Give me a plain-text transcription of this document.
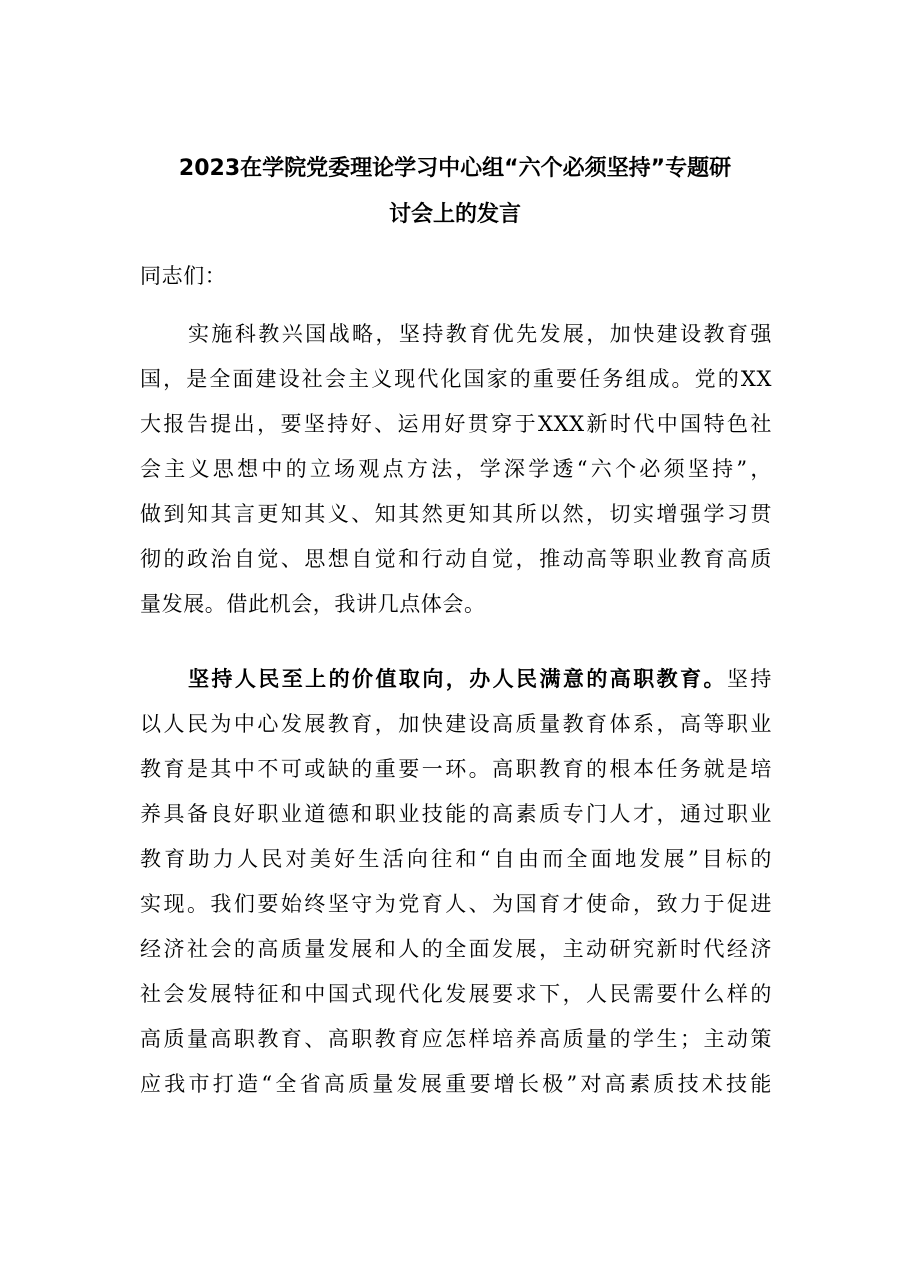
2023在学院党委理论学习中心组“六个必须坚持”专题研
讨会上的发言
同志们：
实施科教兴国战略，坚持教育优先发展，加快建设教育强
国，是全面建设社会主义现代化国家的重要任务组成。党的XX
大报告提出，要坚持好、运用好贯穿于XXX新时代中国特色社
会主义思想中的立场观点方法，学深学透“六个必须坚持”，
做到知其言更知其义、知其然更知其所以然，切实增强学习贯
彻的政治自觉、思想自觉和行动自觉，推动高等职业教育高质
量发展。借此机会，我讲几点体会。
坚持人民至上的价值取向，办人民满意的高职教育。坚持
以人民为中心发展教育，加快建设高质量教育体系，高等职业
教育是其中不可或缺的重要一环。高职教育的根本任务就是培
养具备良好职业道德和职业技能的高素质专门人才，通过职业
教育助力人民对美好生活向往和“自由而全面地发展”目标的
实现。我们要始终坚守为党育人、为国育才使命，致力于促进
经济社会的高质量发展和人的全面发展，主动研究新时代经济
社会发展特征和中国式现代化发展要求下，人民需要什么样的
高质量高职教育、高职教育应怎样培养高质量的学生；主动策
应我市打造“全省高质量发展重要增长极”对高素质技术技能
